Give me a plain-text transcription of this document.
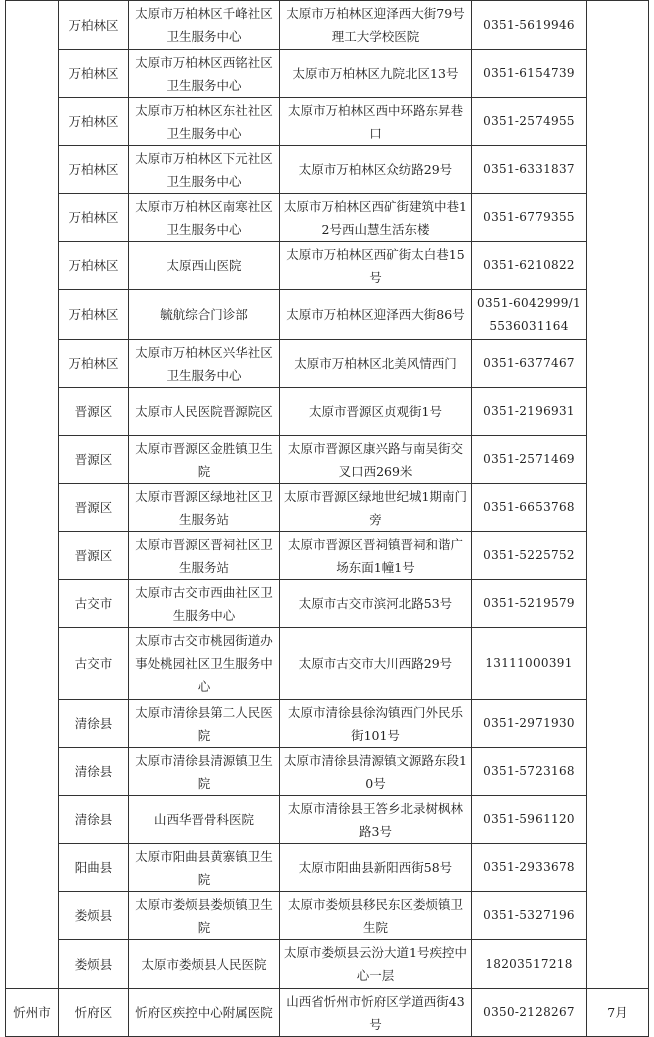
	万柏林区	太原市万柏林区千峰社区卫生服务中心	太原市万柏林区迎泽西大街79号理工大学校医院	0351-5619946	
	万柏林区	太原市万柏林区西铭社区卫生服务中心	太原市万柏林区九院北区13号	0351-6154739	
	万柏林区	太原市万柏林区东社社区卫生服务中心	太原市万柏林区西中环路东昇巷口	0351-2574955	
	万柏林区	太原市万柏林区下元社区卫生服务中心	太原市万柏林区众纺路29号	0351-6331837	
	万柏林区	太原市万柏林区南寒社区卫生服务中心	太原市万柏林区西矿街建筑中巷12号西山慧生活东楼	0351-6779355	
	万柏林区	太原西山医院	太原市万柏林区西矿街太白巷15号	0351-6210822	
	万柏林区	毓航综合门诊部	太原市万柏林区迎泽西大街86号	0351-6042999/15536031164	
	万柏林区	太原市万柏林区兴华社区卫生服务中心	太原市万柏林区北美风情西门	0351-6377467	
	晋源区	太原市人民医院晋源院区	太原市晋源区贞观街1号	0351-2196931	
	晋源区	太原市晋源区金胜镇卫生院	太原市晋源区康兴路与南吴街交叉口西269米	0351-2571469	
	晋源区	太原市晋源区绿地社区卫生服务站	太原市晋源区绿地世纪城1期南门旁	0351-6653768	
	晋源区	太原市晋源区晋祠社区卫生服务站	太原市晋源区晋祠镇晋祠和谐广场东面1幢1号	0351-5225752	
	古交市	太原市古交市西曲社区卫生服务中心	太原市古交市滨河北路53号	0351-5219579	
	古交市	太原市古交市桃园街道办事处桃园社区卫生服务中心	太原市古交市大川西路29号	13111000391	
	清徐县	太原市清徐县第二人民医院	太原市清徐县徐沟镇西门外民乐街101号	0351-2971930	
	清徐县	太原市清徐县清源镇卫生院	太原市清徐县清源镇文源路东段10号	0351-5723168	
	清徐县	山西华晋骨科医院	太原市清徐县王答乡北录树枫林路3号	0351-5961120	
	阳曲县	太原市阳曲县黄寨镇卫生院	太原市阳曲县新阳西街58号	0351-2933678	
	娄烦县	太原市娄烦县娄烦镇卫生院	太原市娄烦县移民东区娄烦镇卫生院	0351-5327196	
	娄烦县	太原市娄烦县人民医院	太原市娄烦县云汾大道1号疾控中心一层	18203517218	
忻州市	忻府区	忻府区疾控中心附属医院	山西省忻州市忻府区学道西街43号	0350-2128267	7月
